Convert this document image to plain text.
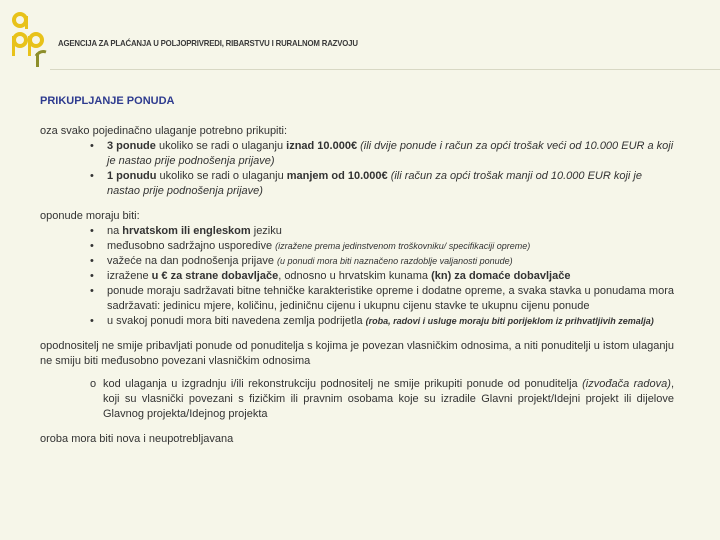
AGENCIJA ZA PLAĆANJA U POLJOPRIVREDI, RIBARSTVU I RURALNOM RAZVOJU

PRIKUPLJANJE PONUDA

oza svako pojedinačno ulaganje potrebno prikupiti:

• 3 ponude ukoliko se radi o ulaganju iznad 10.000€ (ili dvije ponude i račun za opći trošak veći od 10.000 EUR a koji je nastao prije podnošenja prijave)
• 1 ponudu ukoliko se radi o ulaganju manjem od 10.000€ (ili račun za opći trošak manji od 10.000 EUR koji je nastao prije podnošenja prijave)

oponude moraju biti:

• na hrvatskom ili engleskom jeziku
• međusobno sadržajno usporedive (izražene prema jedinstvenom troškovniku/ specifikaciji opreme)
• važeće na dan podnošenja prijave (u ponudi mora biti naznačeno razdoblje valjanosti ponude)
• izražene u € za strane dobavljače, odnosno u hrvatskim kunama (kn) za domaće dobavljače
• ponude moraju sadržavati bitne tehničke karakteristike opreme i dodatne opreme, a svaka stavka u ponudama mora sadržavati: jedinicu mjere, količinu, jediničnu cijenu i ukupnu cijenu stavke te ukupnu cijenu ponude
• u svakoj ponudi mora biti navedena zemlja podrijetla (roba, radovi i usluge moraju biti porijeklom iz prihvatljivih zemalja)

opodnositelj ne smije pribavljati ponude od ponuditelja s kojima je povezan vlasničkim odnosima, a niti ponuditelji u istom ulaganju ne smiju biti međusobno povezani vlasničkim odnosima

o kod ulaganja u izgradnju i/ili rekonstrukciju podnositelj ne smije prikupiti ponude od ponuditelja (izvođača radova), koji su vlasnički povezani s fizičkim ili pravnim osobama koje su izradile Glavni projekt/Idejni projekt ili dijelove Glavnog projekta/Idejnog projekta

oroba mora biti nova i neupotrebljavana
